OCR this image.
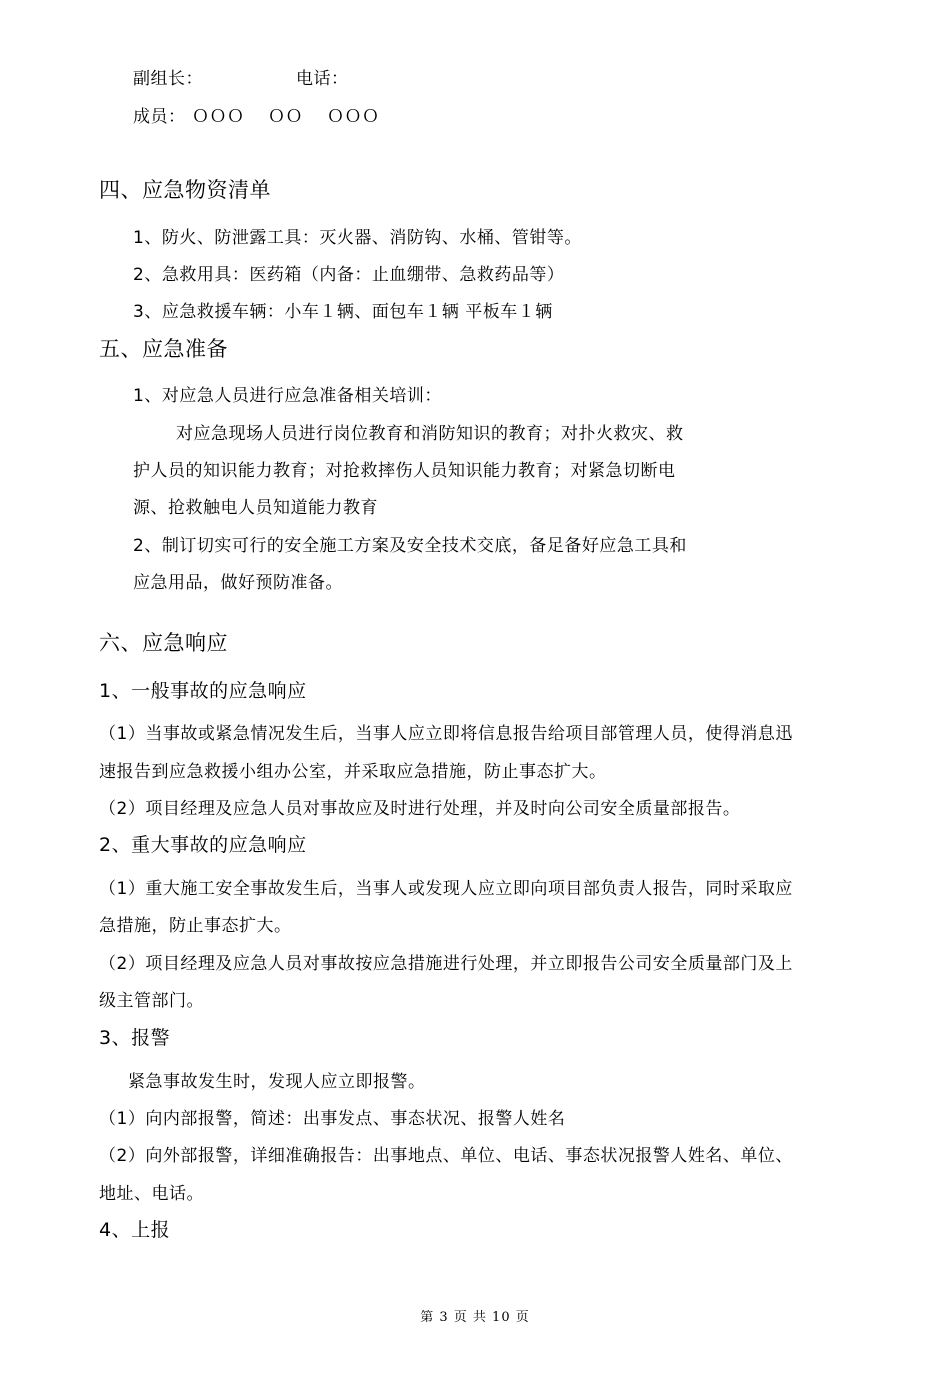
副组长：	电话：
成员： ＯＯＯ ＯＯ ＯＯＯ
四、应急物资清单
1、防火、防泄露工具：灭火器、消防钩、水桶、管钳等。
2、急救用具：医药箱（内备：止血绷带、急救药品等）
3、应急救援车辆：小车１辆、面包车１辆 平板车１辆
五、应急准备
1、对应急人员进行应急准备相关培训：
对应急现场人员进行岗位教育和消防知识的教育；对扑火救灾、救
护人员的知识能力教育；对抢救摔伤人员知识能力教育；对紧急切断电
源、抢救触电人员知道能力教育
2、制订切实可行的安全施工方案及安全技术交底，备足备好应急工具和
应急用品，做好预防准备。
六、应急响应
1、一般事故的应急响应
（1）当事故或紧急情况发生后，当事人应立即将信息报告给项目部管理人员，使得消息迅
速报告到应急救援小组办公室，并采取应急措施，防止事态扩大。
（2）项目经理及应急人员对事故应及时进行处理，并及时向公司安全质量部报告。
2、重大事故的应急响应
（1）重大施工安全事故发生后，当事人或发现人应立即向项目部负责人报告，同时采取应
急措施，防止事态扩大。
（2）项目经理及应急人员对事故按应急措施进行处理，并立即报告公司安全质量部门及上
级主管部门。
3、报警
紧急事故发生时，发现人应立即报警。
（1）向内部报警，简述：出事发点、事态状况、报警人姓名
（2）向外部报警，详细准确报告：出事地点、单位、电话、事态状况报警人姓名、单位、
地址、电话。
4、上报
第 3 页 共 10 页
